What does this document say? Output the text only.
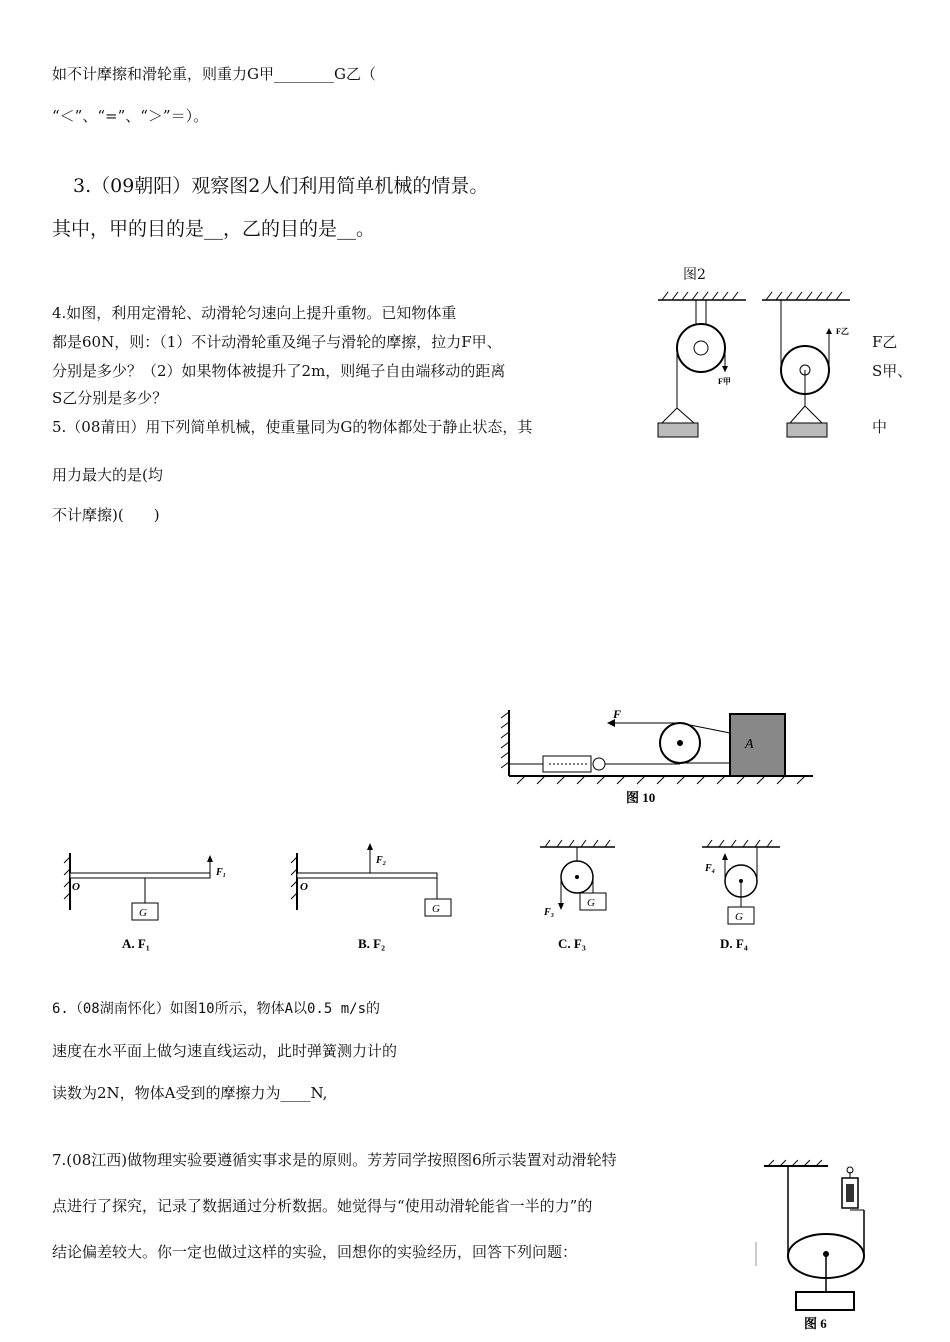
如不计摩擦和滑轮重，则重力G甲________G乙（
“＜”、“=”、“＞”＝）。
3.（09朝阳）观察图2人们利用简单机械的情景。
其中，甲的目的是__，乙的目的是__。
图2
4.如图，利用定滑轮、动滑轮匀速向上提升重物。已知物体重
都是60N，则：（1）不计动滑轮重及绳子与滑轮的摩擦，拉力F甲、	F乙
分别是多少？（2）如果物体被提升了2m，则绳子自由端移动的距离	S甲、
S乙分别是多少？
5.（08莆田）用下列简单机械，使重量同为G的物体都处于静止状态，其	中
用力最大的是(均
不计摩擦)(　　)
F甲
F乙
F
A
图 10
O
G
F₁
A. F₁
O
F₂
G
B. F₂
F₃
G
C. F₃
F₄
G
D. F₄
6.（08湖南怀化）如图10所示，物体A以0.5 m/s的
速度在水平面上做匀速直线运动，此时弹簧测力计的
读数为2N，物体A受到的摩擦力为____N,
7.(08江西)做物理实验要遵循实事求是的原则。芳芳同学按照图6所示装置对动滑轮特
点进行了探究，记录了数据通过分析数据。她觉得与“使用动滑轮能省一半的力”的
结论偏差较大。你一定也做过这样的实验，回想你的实验经历，回答下列问题：
图 6
